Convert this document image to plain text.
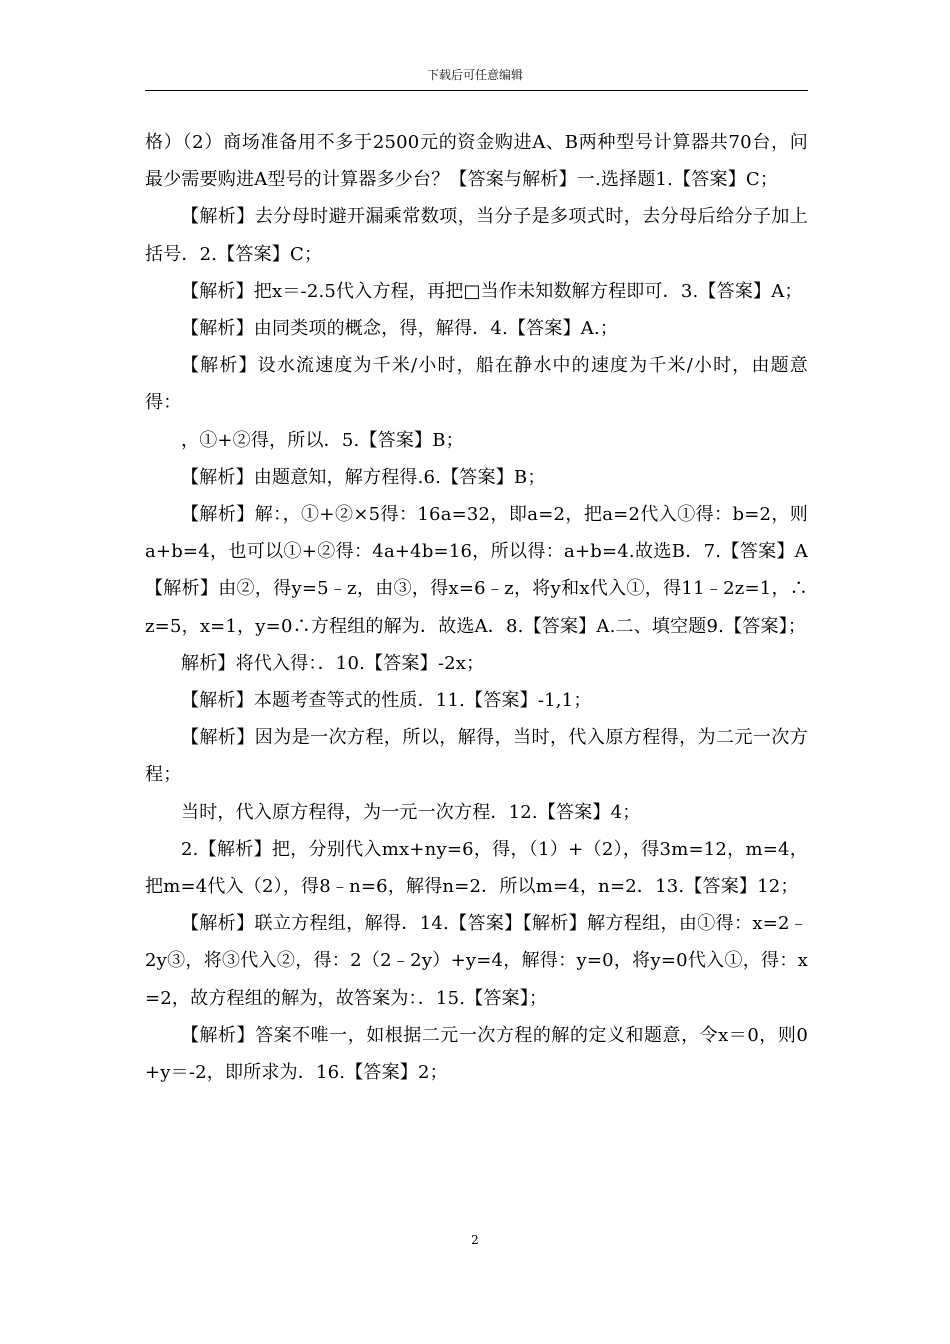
下载后可任意编辑

格）（2）商场准备用不多于2500元的资金购进A、B两种型号计算器共70台，问最少需要购进A型号的计算器多少台？【答案与解析】一.选择题1.【答案】C；

【解析】去分母时避开漏乘常数项，当分子是多项式时，去分母后给分子加上括号．2.【答案】C；

【解析】把x＝-2.5代入方程，再把□当作未知数解方程即可．3.【答案】A；

【解析】由同类项的概念，得，解得．4.【答案】A.；

【解析】设水流速度为千米/小时，船在静水中的速度为千米/小时，由题意得：

，①+②得，所以．5.【答案】B；

【解析】由题意知，解方程得.6.【答案】B；

【解析】解：，①+②×5得：16a=32，即a=2，把a=2代入①得：b=2，则a+b=4，也可以①+②得：4a+4b=16，所以得：a+b=4.故选B．7.【答案】A【解析】由②，得y=5﹣z，由③，得x=6﹣z，将y和x代入①，得11﹣2z=1，∴z=5，x=1，y=0∴方程组的解为．故选A．8.【答案】A.二、填空题9.【答案】；

解析】将代入得：．10.【答案】-2x；

【解析】本题考查等式的性质．11.【答案】-1,1；

【解析】因为是一次方程，所以，解得，当时，代入原方程得，为二元一次方程；

当时，代入原方程得，为一元一次方程．12.【答案】4；

2.【解析】把，分别代入mx+ny=6，得，（1）+（2），得3m=12，m=4，把m=4代入（2），得8﹣n=6，解得n=2．所以m=4，n=2．13.【答案】12；

【解析】联立方程组，解得．14.【答案】【解析】解方程组，由①得：x=2﹣2y③，将③代入②，得：2（2﹣2y）+y=4，解得：y=0，将y=0代入①，得：x=2，故方程组的解为，故答案为：．15.【答案】；

【解析】答案不唯一，如根据二元一次方程的解的定义和题意，令x＝0，则0+y＝-2，即所求为．16.【答案】2；

2
